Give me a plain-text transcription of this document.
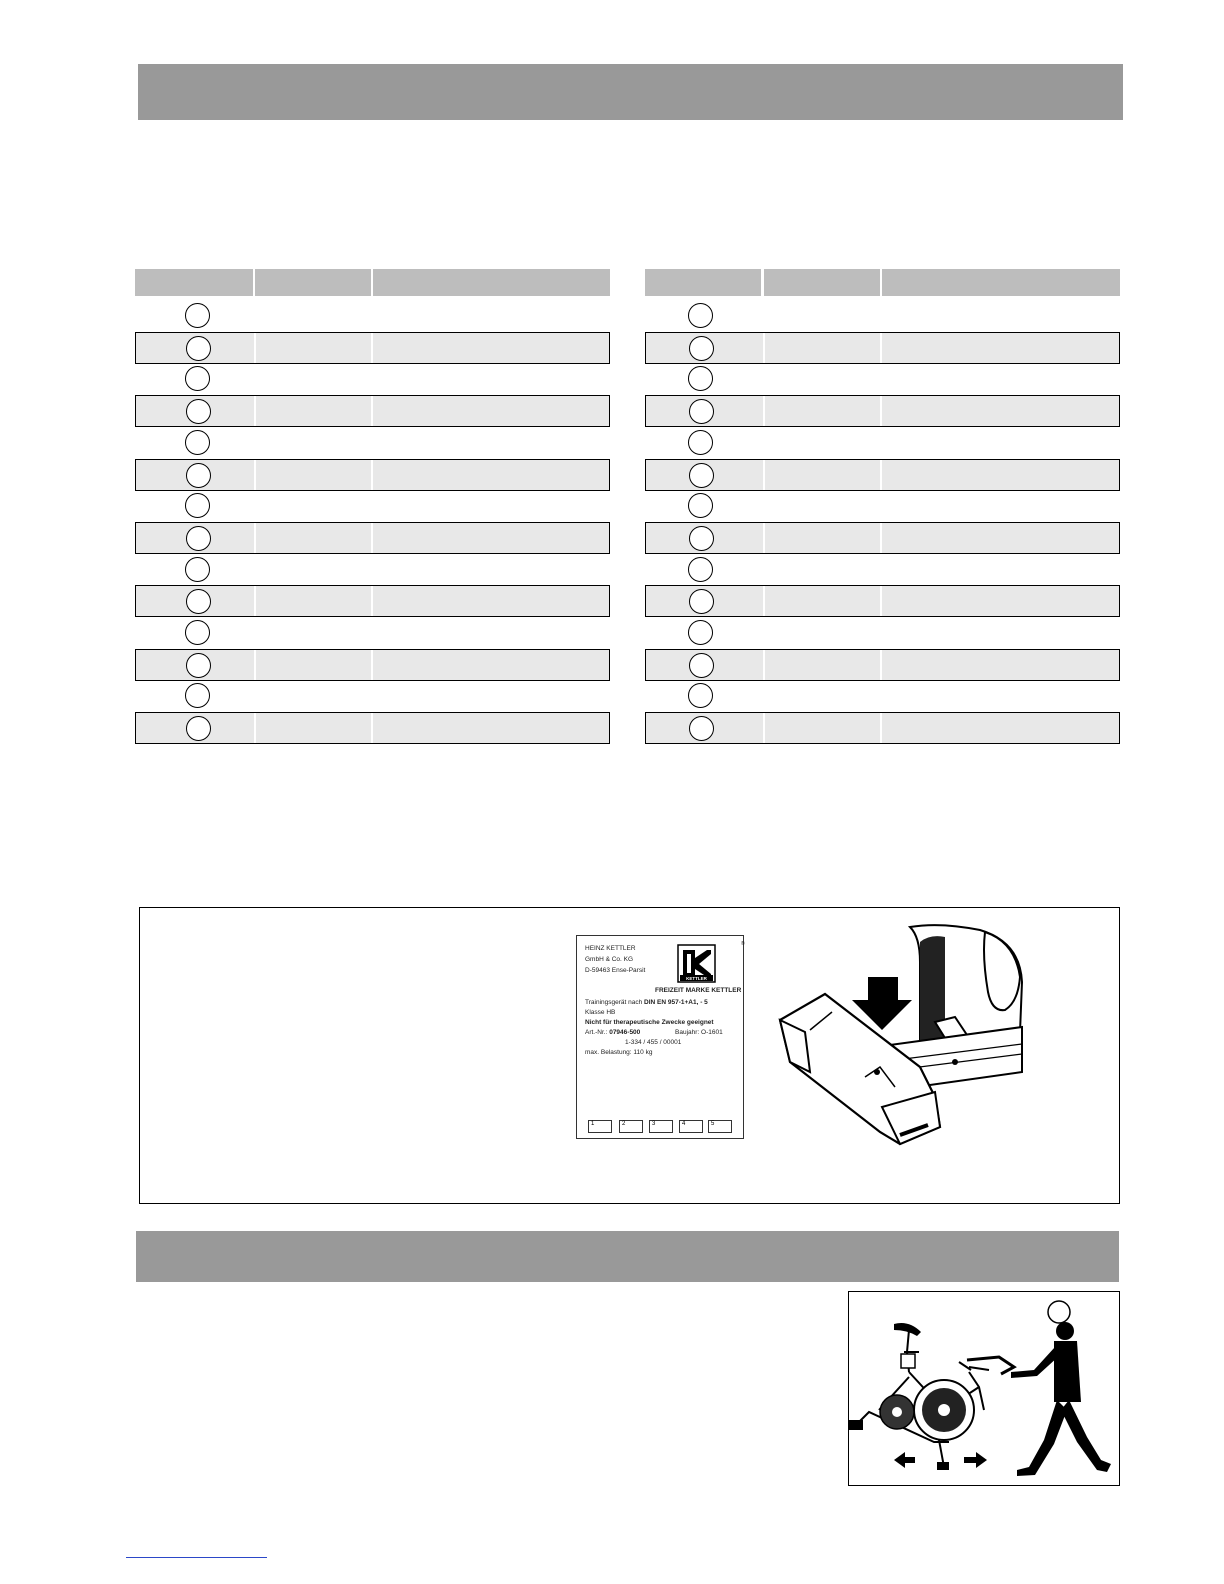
HEINZ KETTLER
GmbH & Co. KG
D-59463 Ense-Parsit
KETTLER
®
FREIZEIT MARKE KETTLER
Trainingsgerät nach DIN EN 957-1+A1, - 5
Klasse HB
Nicht für therapeutische Zwecke geeignet
Art.-Nr.: 07946-500	Baujahr: O-1601
1-334 / 455 / 00001
max. Belastung: 110 kg
1	2	3	4	5
